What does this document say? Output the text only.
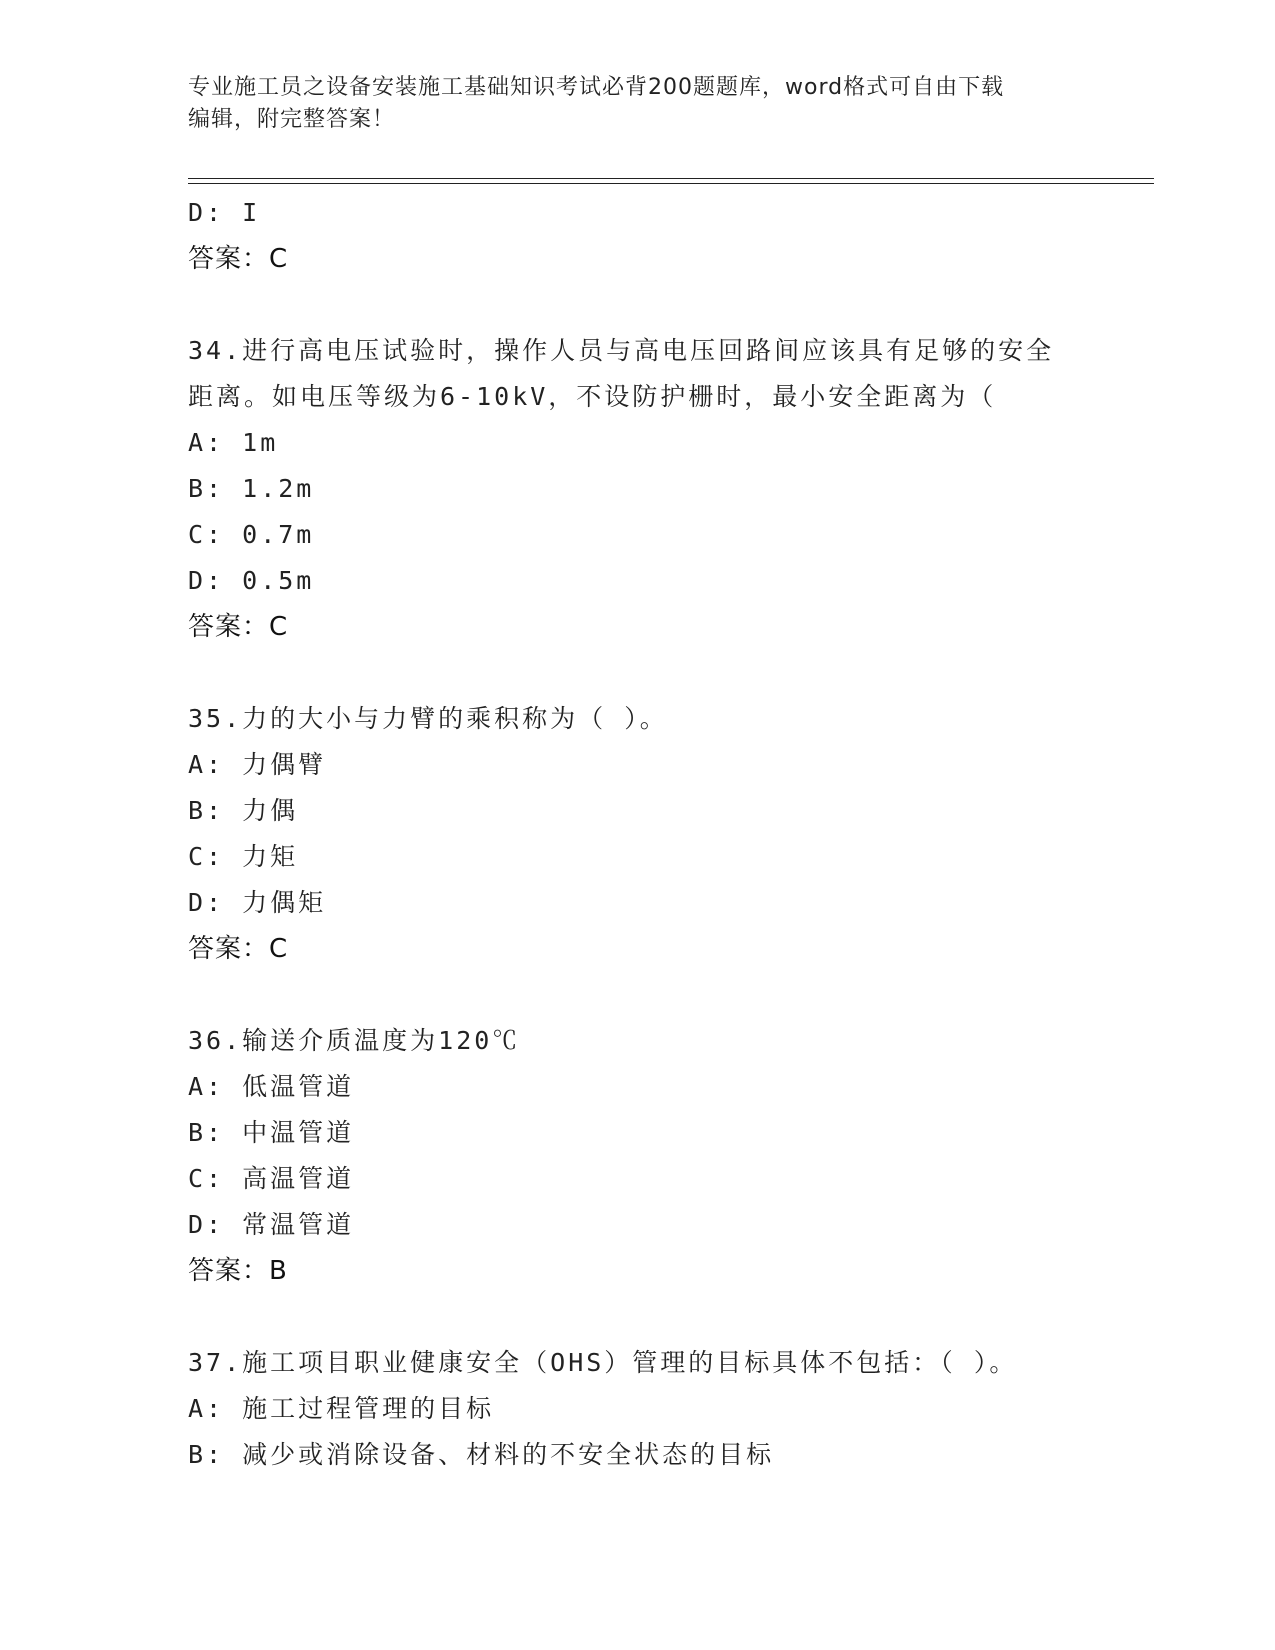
专业施工员之设备安装施工基础知识考试必背200题题库，word格式可自由下载
编辑，附完整答案！
D: I
答案：C
34.进行高电压试验时，操作人员与高电压回路间应该具有足够的安全
距离。如电压等级为6-10kV，不设防护栅时，最小安全距离为（
A: 1m
B: 1.2m
C: 0.7m
D: 0.5m
答案：C
35.力的大小与力臂的乘积称为（ ）。
A: 力偶臂
B: 力偶
C: 力矩
D: 力偶矩
答案：C
36.输送介质温度为120℃
A: 低温管道
B: 中温管道
C: 高温管道
D: 常温管道
答案：B
37.施工项目职业健康安全（OHS）管理的目标具体不包括：（ ）。
A: 施工过程管理的目标
B: 减少或消除设备、材料的不安全状态的目标
